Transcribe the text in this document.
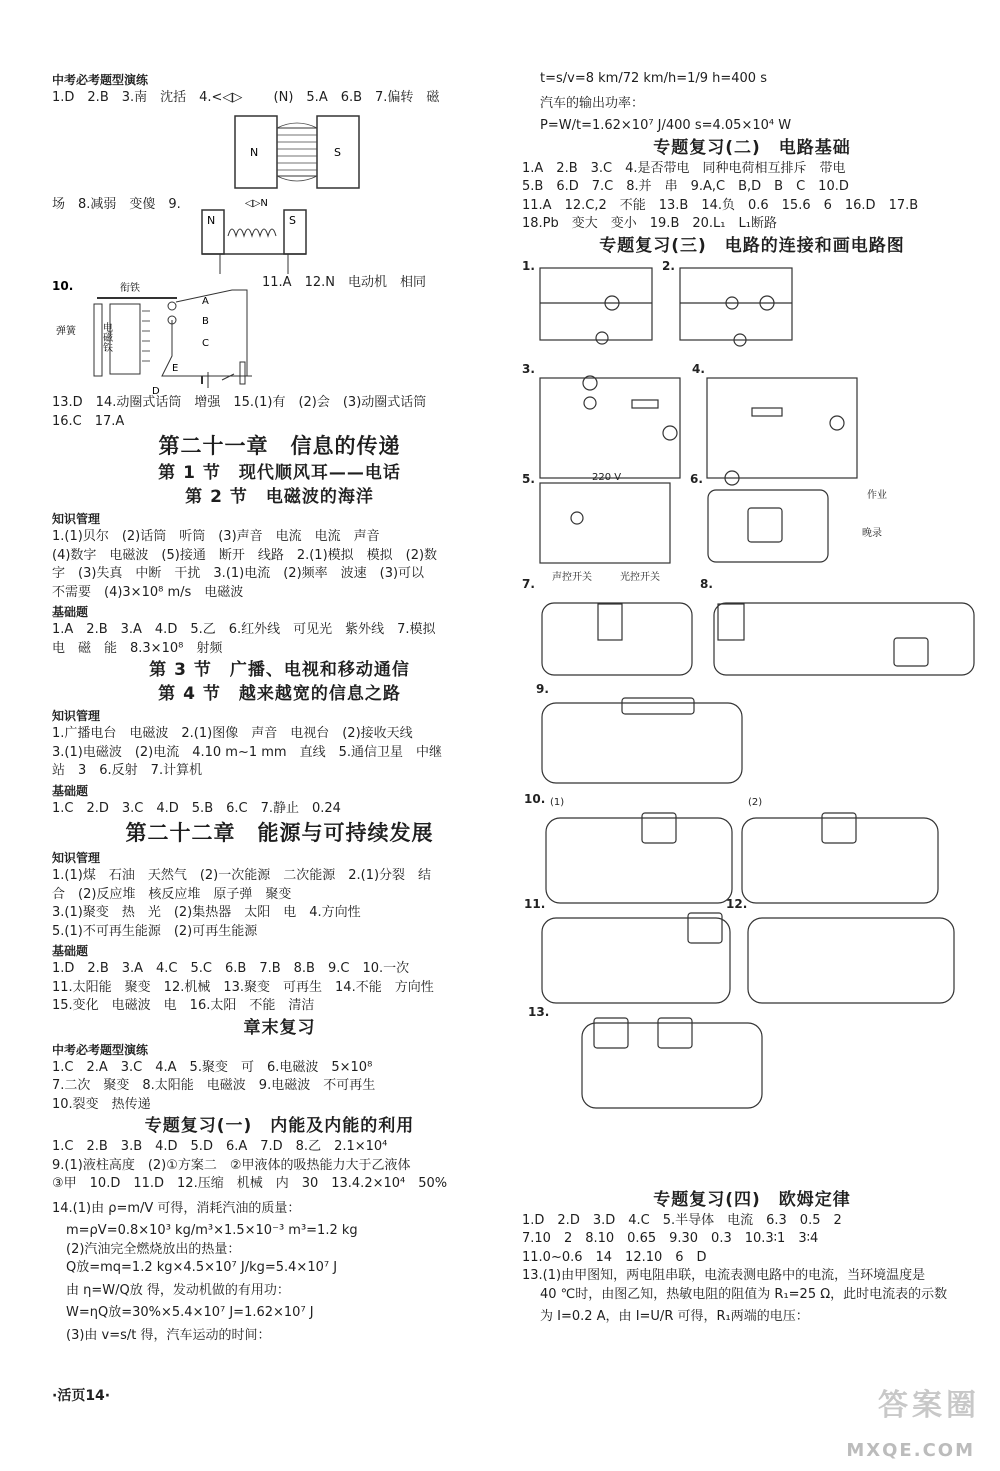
中考必考题型演练
1.D　2.B　3.南　沈括　4.<◁▷ (N)　5.A　6.B　7.偏转　磁
N	S
场　8.减弱　变傻　9.	◁▷N
N	S
10.	衔铁
弹簧 电磁铁
A
B
C
E
D
11.A　12.N　电动机　相同
13.D　14.动圈式话筒　增强　15.(1)有　(2)会　(3)动圈式话筒
16.C　17.A
第二十一章　信息的传递
第 1 节　现代顺风耳——电话
第 2 节　电磁波的海洋
知识管理
1.(1)贝尔　(2)话筒　听筒　(3)声音　电流　电流　声音
(4)数字　电磁波　(5)接通　断开　线路　2.(1)模拟　模拟　(2)数
字　(3)失真　中断　干扰　3.(1)电流　(2)频率　波速　(3)可以
不需要　(4)3×10⁸ m/s　电磁波
基础题
1.A　2.B　3.A　4.D　5.乙　6.红外线　可见光　紫外线　7.模拟
电　磁　能　8.3×10⁸　射频
第 3 节　广播、电视和移动通信
第 4 节　越来越宽的信息之路
知识管理
1.广播电台　电磁波　2.(1)图像　声音　电视台　(2)接收天线
3.(1)电磁波　(2)电流　4.10 m~1 mm　直线　5.通信卫星　中继
站　3　6.反射　7.计算机
基础题
1.C　2.D　3.C　4.D　5.B　6.C　7.静止　0.24
第二十二章　能源与可持续发展
知识管理
1.(1)煤　石油　天然气　(2)一次能源　二次能源　2.(1)分裂　结
合　(2)反应堆　核反应堆　原子弹　聚变
3.(1)聚变　热　光　(2)集热器　太阳　电　4.方向性
5.(1)不可再生能源　(2)可再生能源
基础题
1.D　2.B　3.A　4.C　5.C　6.B　7.B　8.B　9.C　10.一次
11.太阳能　聚变　12.机械　13.聚变　可再生　14.不能　方向性
15.变化　电磁波　电　16.太阳　不能　清洁
章末复习
中考必考题型演练
1.C　2.A　3.C　4.A　5.聚变　可　6.电磁波　5×10⁸
7.二次　聚变　8.太阳能　电磁波　9.电磁波　不可再生
10.裂变　热传递
专题复习(一)　内能及内能的利用
1.C　2.B　3.B　4.D　5.D　6.A　7.D　8.乙　2.1×10⁴
9.(1)液柱高度　(2)①方案二　②甲液体的吸热能力大于乙液体
③甲　10.D　11.D　12.压缩　机械　内　30　13.4.2×10⁴　50%
14.(1)由 ρ=m/V 可得，消耗汽油的质量：
m=ρV=0.8×10³ kg/m³×1.5×10⁻³ m³=1.2 kg
(2)汽油完全燃烧放出的热量：
Q放=mq=1.2 kg×4.5×10⁷ J/kg=5.4×10⁷ J
由 η=W/Q放 得，发动机做的有用功：
W=ηQ放=30%×5.4×10⁷ J=1.62×10⁷ J
(3)由 v=s/t 得，汽车运动的时间：
t=s/v=8 km/72 km/h=1/9 h=400 s
汽车的输出功率：
P=W/t=1.62×10⁷ J/400 s=4.05×10⁴ W
专题复习(二)　电路基础
1.A　2.B　3.C　4.是否带电　同种电荷相互排斥　带电
5.B　6.D　7.C　8.并　串　9.A,C　B,D　B　C　10.D
11.A　12.C,2　不能　13.B　14.负　0.6　15.6　6　16.D　17.B
18.Pb　变大　变小　19.B　20.L₁　L₁断路
专题复习(三)　电路的连接和画电路图
1.	2.
3.	4.
5.	6.
7.	8.
9.
10.
11.	12.
13.
(1)	(2)
声控开关	光控开关
220 V
作业
晚录
专题复习(四)　欧姆定律
1.D　2.D　3.D　4.C　5.半导体　电流　6.3　0.5　2
7.10　2　8.10　0.65　9.30　0.3　10.3∶1　3∶4
11.0~0.6　14　12.10　6　D
13.(1)由甲图知，两电阻串联，电流表测电路中的电流，当环境温度是
40 ℃时，由图乙知，热敏电阻的阻值为 R₁=25 Ω，此时电流表的示数
为 I=0.2 A，由 I=U/R 可得，R₁两端的电压：
·活页14·	答案圈
MXQE.COM
